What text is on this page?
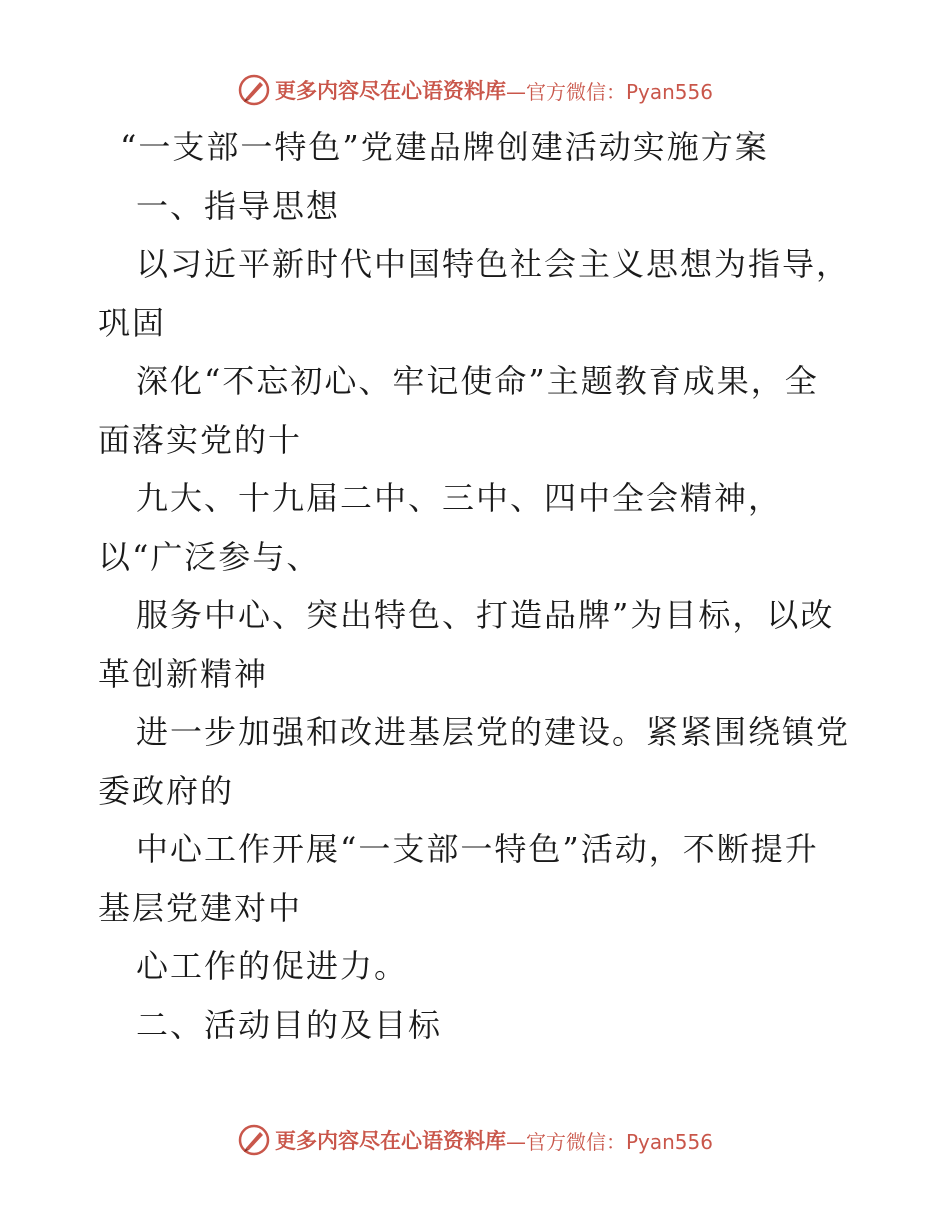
更多内容尽在心语资料库 —官方微信：Pyan556
“一支部一特色”党建品牌创建活动实施方案
一、指导思想
以习近平新时代中国特色社会主义思想为指导，
巩固
深化“不忘初心、牢记使命”主题教育成果，全
面落实党的十
九大、十九届二中、三中、四中全会精神，
以“广泛参与、
服务中心、突出特色、打造品牌”为目标，以改
革创新精神
进一步加强和改进基层党的建设。紧紧围绕镇党
委政府的
中心工作开展“一支部一特色”活动，不断提升
基层党建对中
心工作的促进力。
二、活动目的及目标
更多内容尽在心语资料库 —官方微信：Pyan556
